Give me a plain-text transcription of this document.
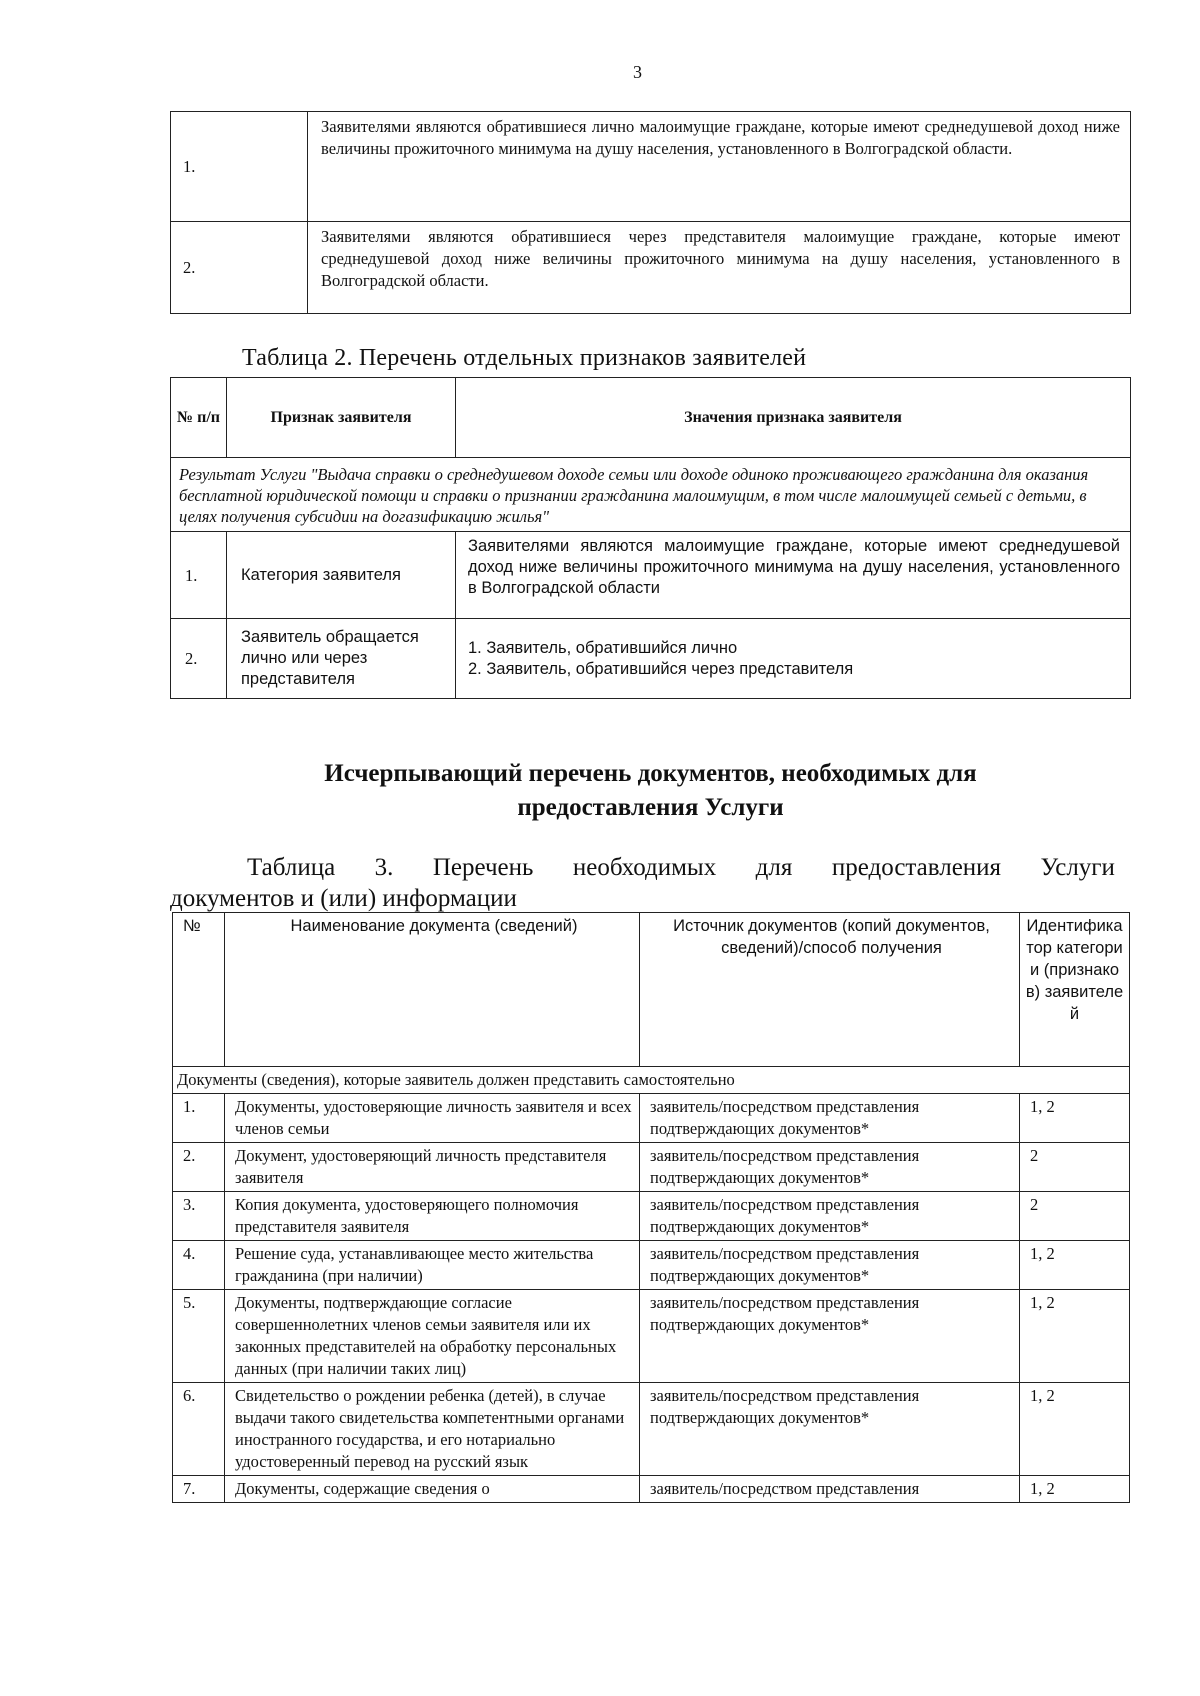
3
1.	Заявителями являются обратившиеся лично малоимущие граждане, которые имеют среднедушевой доход ниже величины прожиточного минимума на душу населения, установленного в Волгоградской области.
2.	Заявителями являются обратившиеся через представителя малоимущие граждане, которые имеют среднедушевой доход ниже величины прожиточного минимума на душу населения, установленного в Волгоградской области.
Таблица 2. Перечень отдельных признаков заявителей
№ п/п	Признак заявителя	Значения признака заявителя
Результат Услуги "Выдача справки о среднедушевом доходе семьи или доходе одиноко проживающего гражданина для оказания бесплатной юридической помощи и справки о признании гражданина малоимущим, в том числе малоимущей семьей с детьми, в целях получения субсидии на догазификацию жилья"		
1.	Категория заявителя	Заявителями являются малоимущие граждане, которые имеют среднедушевой доход ниже величины прожиточного минимума на душу населения, установленного в Волгоградской области

2.	Заявитель обращается лично или через представителя	1. Заявитель, обратившийся лично
2. Заявитель, обратившийся через представителя
Исчерпывающий перечень документов, необходимых для
предоставления Услуги
Таблица 3. Перечень необходимых для предоставления Услуги
документов и (или) информации
№	Наименование документа (сведений)	Источник документов (копий документов, сведений)/способ получения	Идентификатор категории (признаков) заявителей
Документы (сведения), которые заявитель должен представить самостоятельно			
1.	Документы, удостоверяющие личность заявителя и всех членов семьи	заявитель/посредством представления подтверждающих документов*	1, 2
2.	Документ, удостоверяющий личность представителя заявителя	заявитель/посредством представления подтверждающих документов*	2
3.	Копия документа, удостоверяющего полномочия представителя заявителя	заявитель/посредством представления подтверждающих документов*	2
4.	Решение суда, устанавливающее место жительства гражданина (при наличии)	заявитель/посредством представления подтверждающих документов*	1, 2
5.	Документы, подтверждающие согласие совершеннолетних членов семьи заявителя или их законных представителей на обработку персональных данных (при наличии таких лиц)	заявитель/посредством представления подтверждающих документов*	1, 2
6.	Свидетельство о рождении ребенка (детей), в случае выдачи такого свидетельства компетентными органами иностранного государства, и его нотариально удостоверенный перевод на русский язык	заявитель/посредством представления подтверждающих документов*	1, 2
7.	Документы, содержащие сведения о	заявитель/посредством представления	1, 2
